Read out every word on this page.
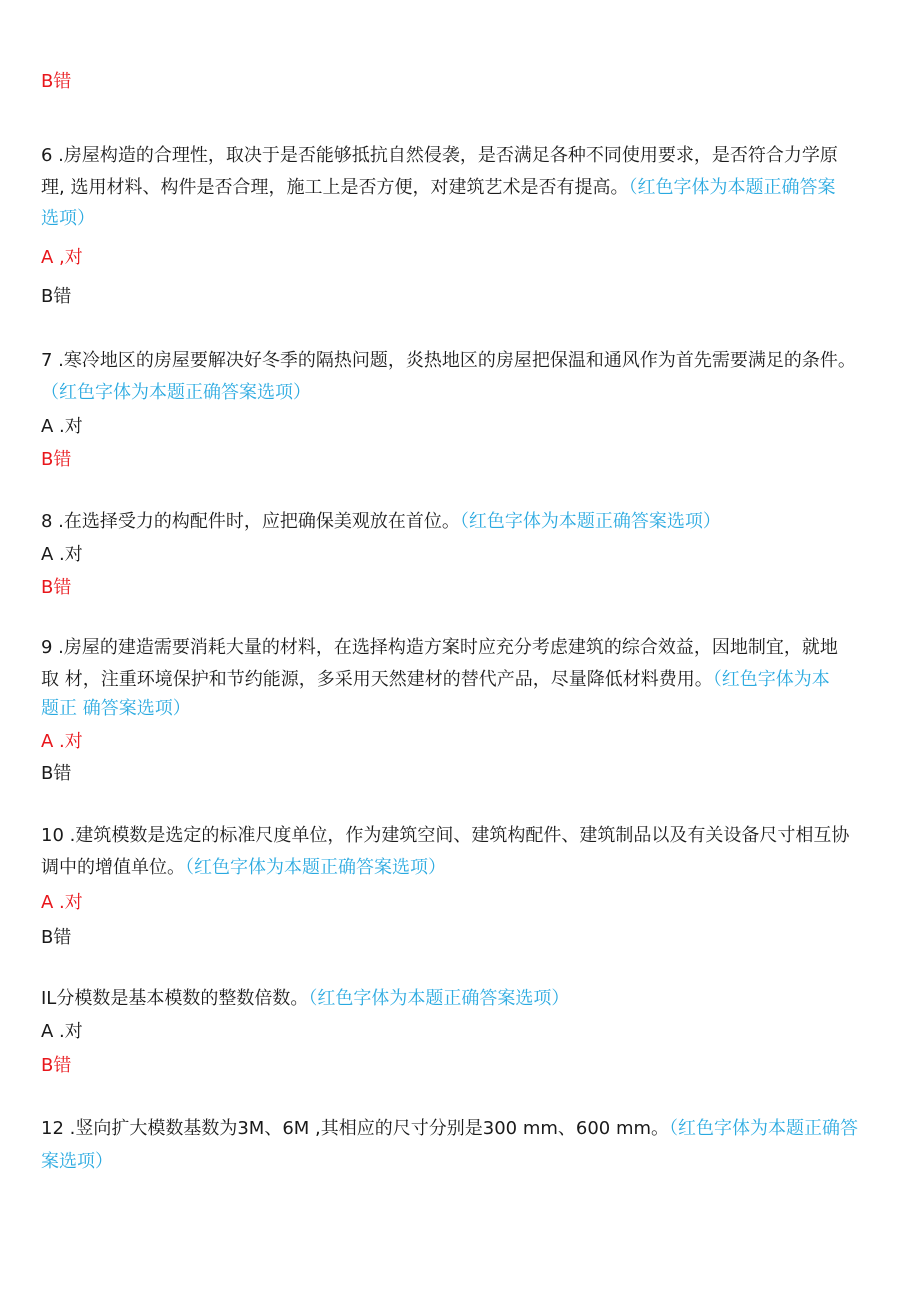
B错
6 .房屋构造的合理性，取决于是否能够抵抗自然侵袭，是否满足各种不同使用要求，是否符合力学原
理, 选用材料、构件是否合理，施工上是否方便，对建筑艺术是否有提高。（红色字体为本题正确答案
选项）
A ,对
B错
7 .寒冷地区的房屋要解决好冬季的隔热问题，炎热地区的房屋把保温和通风作为首先需要满足的条件。
（红色字体为本题正确答案选项）
A .对
B错
8 .在选择受力的构配件时，应把确保美观放在首位。（红色字体为本题正确答案选项）
A .对
B错
9 .房屋的建造需要消耗大量的材料，在选择构造方案时应充分考虑建筑的综合效益，因地制宜，就地
取 材，注重环境保护和节约能源，多采用天然建材的替代产品，尽量降低材料费用。（红色字体为本
题正 确答案选项）
A .对
B错
10 .建筑模数是选定的标准尺度单位，作为建筑空间、建筑构配件、建筑制品以及有关设备尺寸相互协
调中的增值单位。（红色字体为本题正确答案选项）
A .对
B错
IL分模数是基本模数的整数倍数。（红色字体为本题正确答案选项）
A .对
B错
12 .竖向扩大模数基数为3M、6M ,其相应的尺寸分别是300 mm、600 mm。（红色字体为本题正确答
案选项）
